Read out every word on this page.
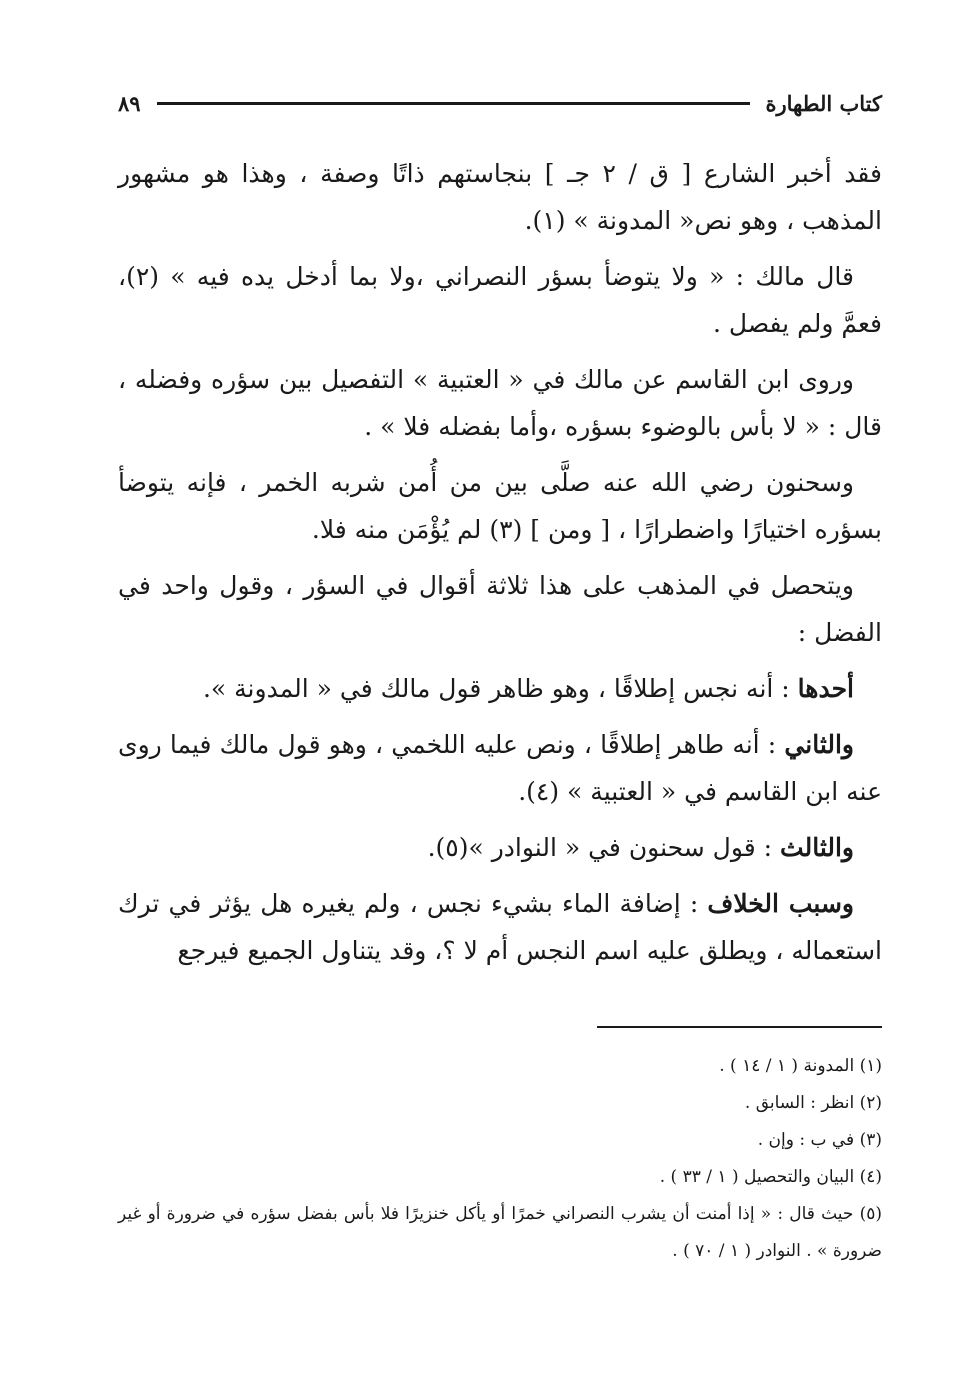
كتاب الطهارة
٨٩

فقد أخبر الشارع [ ق / ٢ جـ ] بنجاستهم ذاتًا وصفة ، وهذا هو مشهور المذهب ، وهو نص« المدونة » (١).

قال مالك : « ولا يتوضأ بسؤر النصراني ،ولا بما أدخل يده فيه » (٢)، فعمَّ ولم يفصل .

وروى ابن القاسم عن مالك في « العتبية » التفصيل بين سؤره وفضله ، قال : « لا بأس بالوضوء بسؤره ،وأما بفضله فلا » .

وسحنون رضي الله عنه صلَّى بين من أُمن شربه الخمر ، فإنه يتوضأ بسؤره اختيارًا واضطرارًا ، [ ومن ] (٣) لم يُؤْمَن منه فلا.

ويتحصل في المذهب على هذا ثلاثة أقوال في السؤر ، وقول واحد في الفضل :

أحدها : أنه نجس إطلاقًا ، وهو ظاهر قول مالك في « المدونة ».

والثاني : أنه طاهر إطلاقًا ، ونص عليه اللخمي ، وهو قول مالك فيما روى عنه ابن القاسم في « العتبية » (٤).

والثالث : قول سحنون في « النوادر »(٥).

وسبب الخلاف : إضافة الماء بشيء نجس ، ولم يغيره هل يؤثر في ترك استعماله ، ويطلق عليه اسم النجس أم لا ؟، وقد يتناول الجميع فيرجع

(١) المدونة ( ١ / ١٤ ) .

(٢) انظر : السابق .

(٣) في ب : وإن .

(٤) البيان والتحصيل ( ١ / ٣٣ ) .

(٥) حيث قال : « إذا أمنت أن يشرب النصراني خمرًا أو يأكل خنزيرًا فلا بأس بفضل سؤره في ضرورة أو غير ضرورة » . النوادر ( ١ / ٧٠ ) .
